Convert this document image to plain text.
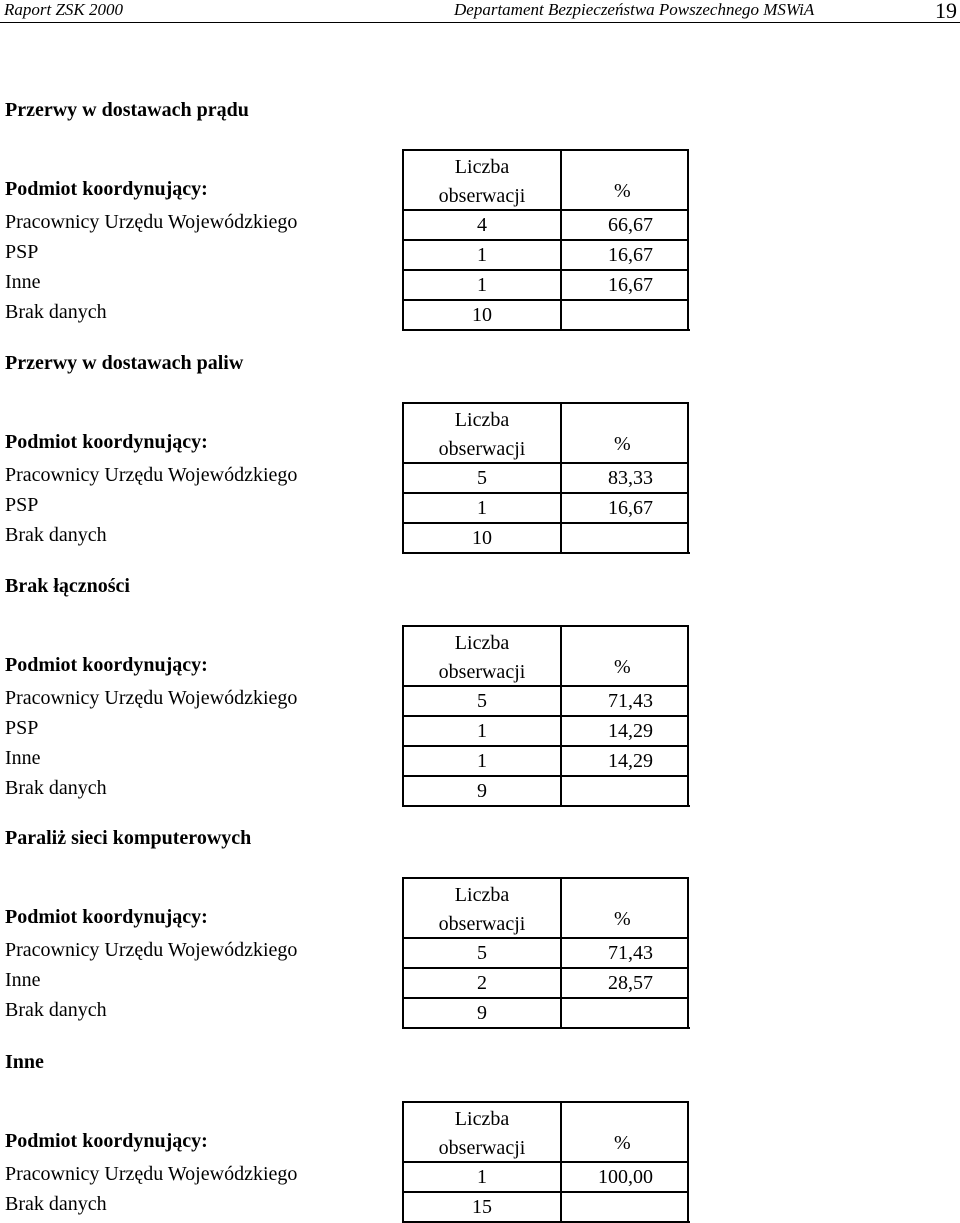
Raport ZSK 2000	Departament Bezpieczeństwa Powszechnego MSWiA	19
Przerwy w dostawach prądu
Podmiot koordynujący:
Liczba
obserwacji	%
Pracownicy Urzędu Wojewódzkiego	4	66,67
PSP	1	16,67
Inne	1	16,67
Brak danych	10
Przerwy w dostawach paliw
Podmiot koordynujący:
Liczba
obserwacji	%
Pracownicy Urzędu Wojewódzkiego	5	83,33
PSP	1	16,67
Brak danych	10
Brak łączności
Podmiot koordynujący:
Liczba
obserwacji	%
Pracownicy Urzędu Wojewódzkiego	5	71,43
PSP	1	14,29
Inne	1	14,29
Brak danych	9
Paraliż sieci komputerowych
Podmiot koordynujący:
Liczba
obserwacji	%
Pracownicy Urzędu Wojewódzkiego	5	71,43
Inne	2	28,57
Brak danych	9
Inne
Podmiot koordynujący:
Liczba
obserwacji	%
Pracownicy Urzędu Wojewódzkiego	1	100,00
Brak danych	15
